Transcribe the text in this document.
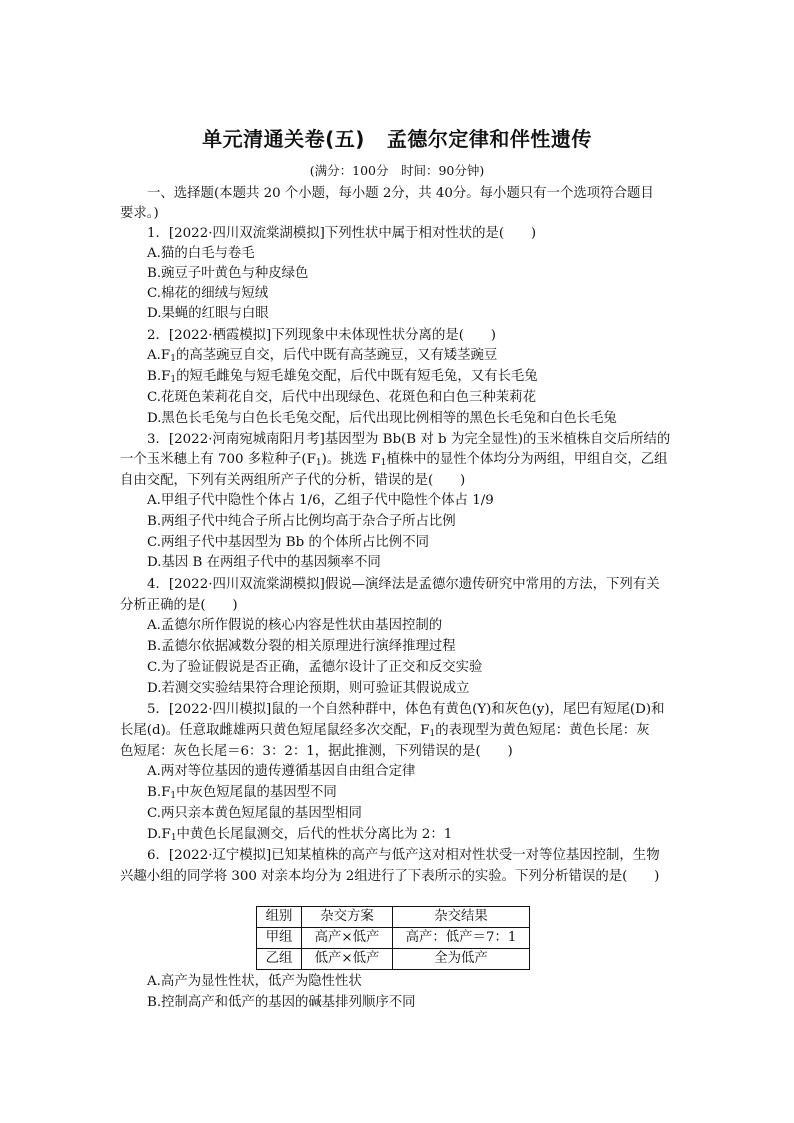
单元清通关卷(五) 孟德尔定律和伴性遗传
(满分：100分　时间：90分钟)
一、选择题(本题共 20 个小题，每小题 2分，共 40分。每小题只有一个选项符合题目
要求。)
1．[2022·四川双流棠湖模拟]下列性状中属于相对性状的是(　　)
A.猫的白毛与卷毛
B.豌豆子叶黄色与种皮绿色
C.棉花的细绒与短绒
D.果蝇的红眼与白眼
2．[2022·栖霞模拟]下列现象中未体现性状分离的是(　　)
$A.F_1$的高茎豌豆自交，后代中既有高茎豌豆，又有矮茎豌豆
$B.F_1$的短毛雌兔与短毛雄兔交配，后代中既有短毛兔，又有长毛兔
C.花斑色茉莉花自交，后代中出现绿色、花斑色和白色三种茉莉花
D.黑色长毛兔与白色长毛兔交配，后代出现比例相等的黑色长毛兔和白色长毛兔
3．[2022·河南宛城南阳月考]基因型为 Bb(B 对 b 为完全显性)的玉米植株自交后所结的
一个玉米穗上有 700 多粒种子$(F_1)$。挑选 $F_1$植株中的显性个体均分为两组，甲组自交，乙组
自由交配，下列有关两组所产子代的分析，错误的是(　　)
A.甲组子代中隐性个体占 1/6，乙组子代中隐性个体占 1/9
B.两组子代中纯合子所占比例均高于杂合子所占比例
C.两组子代中基因型为 Bb 的个体所占比例不同
D.基因 B 在两组子代中的基因频率不同
4．[2022·四川双流棠湖模拟]假说—演绎法是孟德尔遗传研究中常用的方法，下列有关
分析正确的是(　　)
A.孟德尔所作假说的核心内容是性状由基因控制的
B.孟德尔依据减数分裂的相关原理进行演绎推理过程
C.为了验证假说是否正确，孟德尔设计了正交和反交实验
D.若测交实验结果符合理论预期，则可验证其假说成立
5．[2022·四川模拟]鼠的一个自然种群中，体色有黄色(Y)和灰色(y)，尾巴有短尾(D)和
长尾(d)。任意取雌雄两只黄色短尾鼠经多次交配，$F_1$的表现型为黄色短尾：黄色长尾：灰
色短尾：灰色长尾＝6：3：2：1，据此推测，下列错误的是(　　)
A.两对等位基因的遗传遵循基因自由组合定律
$B.F_1$中灰色短尾鼠的基因型不同
C.两只亲本黄色短尾鼠的基因型相同
$D.F_1$中黄色长尾鼠测交，后代的性状分离比为 2：1
6．[2022·辽宁模拟]已知某植株的高产与低产这对相对性状受一对等位基因控制，生物
兴趣小组的同学将 300 对亲本均分为 2组进行了下表所示的实验。下列分析错误的是(　　)
组别	杂交方案	杂交结果
甲组	高产×低产	高产：低产＝7：1
乙组	低产×低产	全为低产
A.高产为显性性状，低产为隐性性状
B.控制高产和低产的基因的碱基排列顺序不同
